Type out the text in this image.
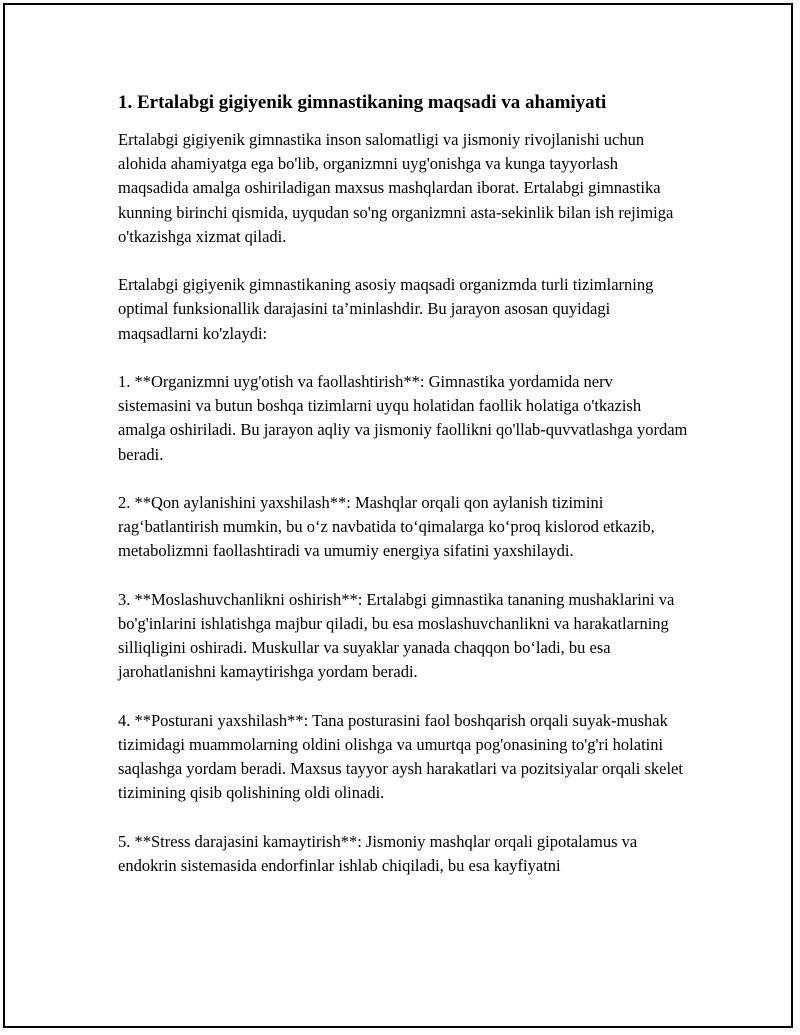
1. Ertalabgi gigiyenik gimnastikaning maqsadi va ahamiyati

Ertalabgi gigiyenik gimnastika inson salomatligi va jismoniy rivojlanishi uchun alohida ahamiyatga ega bo'lib, organizmni uyg'onishga va kunga tayyorlash maqsadida amalga oshiriladigan maxsus mashqlardan iborat. Ertalabgi gimnastika kunning birinchi qismida, uyqudan so'ng organizmni asta-sekinlik bilan ish rejimiga o'tkazishga xizmat qiladi.

Ertalabgi gigiyenik gimnastikaning asosiy maqsadi organizmda turli tizimlarning optimal funksionallik darajasini ta’minlashdir. Bu jarayon asosan quyidagi maqsadlarni ko'zlaydi:

1. **Organizmni uyg'otish va faollashtirish**: Gimnastika yordamida nerv sistemasini va butun boshqa tizimlarni uyqu holatidan faollik holatiga o'tkazish amalga oshiriladi. Bu jarayon aqliy va jismoniy faollikni qo'llab-quvvatlashga yordam beradi.

2. **Qon aylanishini yaxshilash**: Mashqlar orqali qon aylanish tizimini rag‘batlantirish mumkin, bu o‘z navbatida to‘qimalarga ko‘proq kislorod etkazib, metabolizmni faollashtiradi va umumiy energiya sifatini yaxshilaydi.

3. **Moslashuvchanlikni oshirish**: Ertalabgi gimnastika tananing mushaklarini va bo'g'inlarini ishlatishga majbur qiladi, bu esa moslashuvchanlikni va harakatlarning silliqligini oshiradi. Muskullar va suyaklar yanada chaqqon bo‘ladi, bu esa jarohatlanishni kamaytirishga yordam beradi.

4. **Posturani yaxshilash**: Tana posturasini faol boshqarish orqali suyak-mushak tizimidagi muammolarning oldini olishga va umurtqa pog'onasining to'g'ri holatini saqlashga yordam beradi. Maxsus tayyor aysh harakatlari va pozitsiyalar orqali skelet tizimining qisib qolishining oldi olinadi.

5. **Stress darajasini kamaytirish**: Jismoniy mashqlar orqali gipotalamus va endokrin sistemasida endorfinlar ishlab chiqiladi, bu esa kayfiyatni
